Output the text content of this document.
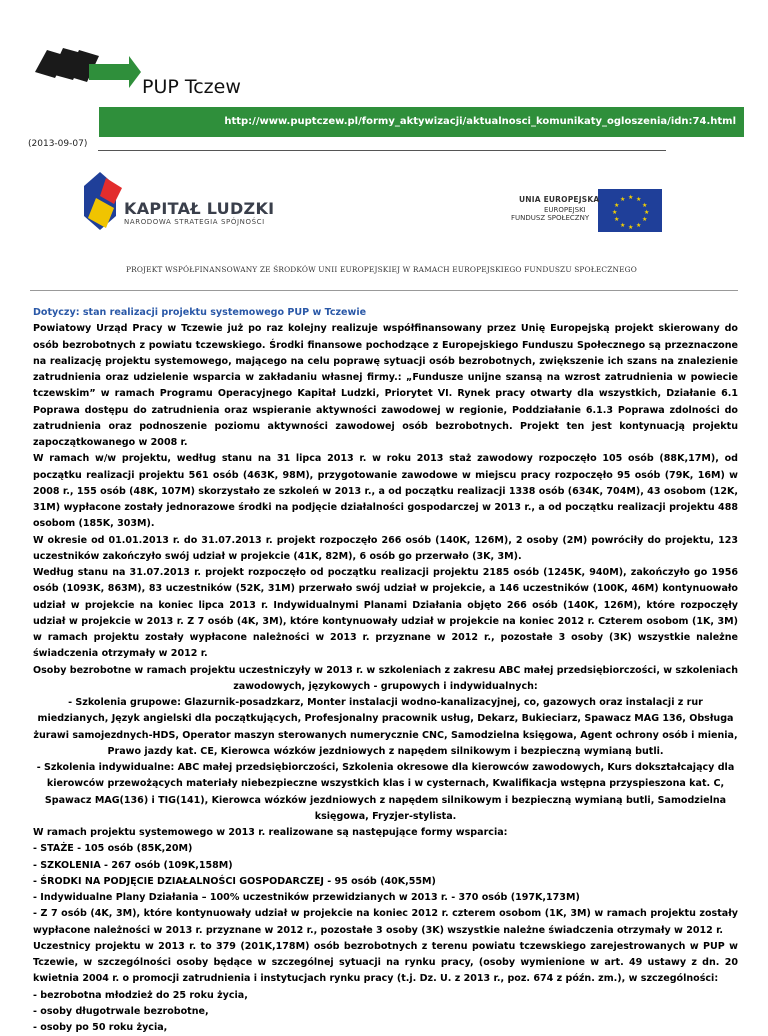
PUP Tczew
http://www.puptczew.pl/formy_aktywizacji/aktualnosci_komunikaty_ogloszenia/idn:74.html
(2013-09-07)
★ ★
★
★
★
★
★
★
★
★
★
★
KAPITAŁ LUDZKI
NARODOWA STRATEGIA SPÓJNOŚCI
UNIA EUROPEJSKA
EUROPEJSKI
FUNDUSZ SPOŁECZNY
PROJEKT WSPÓŁFINANSOWANY ZE ŚRODKÓW UNII EUROPEJSKIEJ W RAMACH EUROPEJSKIEGO FUNDUSZU SPOŁECZNEGO

Dotyczy: stan realizacji projektu systemowego PUP w Tczewie

Powiatowy Urząd Pracy w Tczewie już po raz kolejny realizuje współfinansowany przez Unię Europejską projekt skierowany do osób bezrobotnych z powiatu tczewskiego. Środki finansowe pochodzące z Europejskiego Funduszu Społecznego są przeznaczone na realizację projektu systemowego, mającego na celu poprawę sytuacji osób bezrobotnych, zwiększenie ich szans na znalezienie zatrudnienia oraz udzielenie wsparcia w zakładaniu własnej firmy.: „Fundusze unijne szansą na wzrost zatrudnienia w powiecie tczewskim” w ramach Programu Operacyjnego Kapitał Ludzki, Priorytet VI. Rynek pracy otwarty dla wszystkich, Działanie 6.1 Poprawa dostępu do zatrudnienia oraz wspieranie aktywności zawodowej w regionie, Poddziałanie 6.1.3 Poprawa zdolności do zatrudnienia oraz podnoszenie poziomu aktywności zawodowej osób bezrobotnych. Projekt ten jest kontynuacją projektu zapoczątkowanego w 2008 r.

W ramach w/w projektu, według stanu na 31 lipca 2013 r. w roku 2013 staż zawodowy rozpoczęło 105 osób (88K,17M), od początku realizacji projektu 561 osób (463K, 98M), przygotowanie zawodowe w miejscu pracy rozpoczęło 95 osób (79K, 16M) w 2008 r., 155 osób (48K, 107M) skorzystało ze szkoleń w 2013 r., a od początku realizacji 1338 osób (634K, 704M), 43 osobom (12K, 31M) wypłacone zostały jednorazowe środki na podjęcie działalności gospodarczej w 2013 r., a od początku realizacji projektu 488 osobom (185K, 303M).

W okresie od 01.01.2013 r. do 31.07.2013 r. projekt rozpoczęło 266 osób (140K, 126M), 2 osoby (2M) powróciły do projektu, 123 uczestników zakończyło swój udział w projekcie (41K, 82M), 6 osób go przerwało (3K, 3M).

Według stanu na 31.07.2013 r. projekt rozpoczęło od początku realizacji projektu 2185 osób (1245K, 940M), zakończyło go 1956 osób (1093K, 863M), 83 uczestników (52K, 31M) przerwało swój udział w projekcie, a 146 uczestników (100K, 46M) kontynuowało udział w projekcie na koniec lipca 2013 r. Indywidualnymi Planami Działania objęto 266 osób (140K, 126M), które rozpoczęły udział w projekcie w 2013 r. Z 7 osób (4K, 3M), które kontynuowały udział w projekcie na koniec 2012 r. Czterem osobom (1K, 3M) w ramach projektu zostały wypłacone należności w 2013 r. przyznane w 2012 r., pozostałe 3 osoby (3K) wszystkie należne świadczenia otrzymały w 2012 r.

Osoby bezrobotne w ramach projektu uczestniczyły w 2013 r. w szkoleniach z zakresu ABC małej przedsiębiorczości, w szkoleniach zawodowych, językowych - grupowych i indywidualnych:

- Szkolenia grupowe: Glazurnik-posadzkarz, Monter instalacji wodno-kanalizacyjnej, co, gazowych oraz instalacji z rur miedzianych, Język angielski dla początkujących, Profesjonalny pracownik usług, Dekarz, Bukieciarz, Spawacz MAG 136, Obsługa żurawi samojezdnych-HDS, Operator maszyn sterowanych numerycznie CNC, Samodzielna księgowa, Agent ochrony osób i mienia, Prawo jazdy kat. CE, Kierowca wózków jezdniowych z napędem silnikowym i bezpieczną wymianą butli.

- Szkolenia indywidualne: ABC małej przedsiębiorczości, Szkolenia okresowe dla kierowców zawodowych, Kurs dokształcający dla kierowców przewożących materiały niebezpieczne wszystkich klas i w cysternach, Kwalifikacja wstępna przyspieszona kat. C, Spawacz MAG(136) i TIG(141), Kierowca wózków jezdniowych z napędem silnikowym i bezpieczną wymianą butli, Samodzielna księgowa, Fryzjer-stylista.

W ramach projektu systemowego w 2013 r. realizowane są następujące formy wsparcia:

- STAŻE - 105 osób (85K,20M)

- SZKOLENIA - 267 osób (109K,158M)

- ŚRODKI NA PODJĘCIE DZIAŁALNOŚCI GOSPODARCZEJ - 95 osób (40K,55M)

- Indywidualne Plany Działania – 100% uczestników przewidzianych w 2013 r. - 370 osób (197K,173M)

- Z 7 osób (4K, 3M), które kontynuowały udział w projekcie na koniec 2012 r. czterem osobom (1K, 3M) w ramach projektu zostały wypłacone należności w 2013 r. przyznane w 2012 r., pozostałe 3 osoby (3K) wszystkie należne świadczenia otrzymały w 2012 r.

Uczestnicy projektu w 2013 r. to 379 (201K,178M) osób bezrobotnych z terenu powiatu tczewskiego zarejestrowanych w PUP w Tczewie, w szczególności osoby będące w szczególnej sytuacji na rynku pracy, (osoby wymienione w art. 49 ustawy z dn. 20 kwietnia 2004 r. o promocji zatrudnienia i instytucjach rynku pracy (t.j. Dz. U. z 2013 r., poz. 674 z późn. zm.), w szczególności:

- bezrobotna młodzież do 25 roku życia,

- osoby długotrwale bezrobotne,

- osoby po 50 roku życia,
